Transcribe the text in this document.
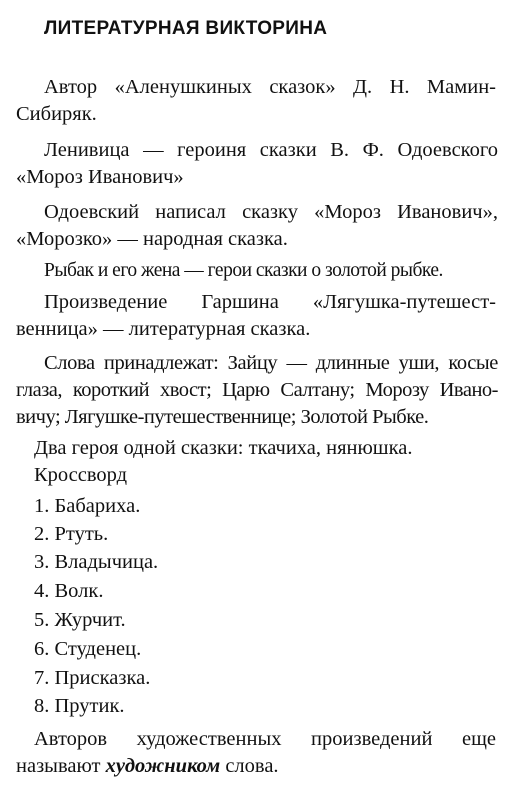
ЛИТЕРАТУРНАЯ ВИКТОРИНА
Автор «Аленушкиных сказок» Д. Н. Мамин-
Сибиряк.
Ленивица — героиня сказки В. Ф. Одоевского
«Мороз Иванович»
Одоевский написал сказку «Мороз Иванович»,
«Морозко» — народная сказка.
Рыбак и его жена — герои сказки о золотой рыбке.
Произведение Гаршина «Лягушка-путешест-
венница» — литературная сказка.
Слова принадлежат: Зайцу — длинные уши, косые
глаза, короткий хвост; Царю Салтану; Морозу Ивано-
вичу; Лягушке-путешественнице; Золотой Рыбке.
Два героя одной сказки: ткачиха, нянюшка.
Кроссворд
1. Бабариха.
2. Ртуть.
3. Владычица.
4. Волк.
5. Журчит.
6. Студенец.
7. Присказка.
8. Прутик.
Авторов художественных произведений еще
называют художником слова.
